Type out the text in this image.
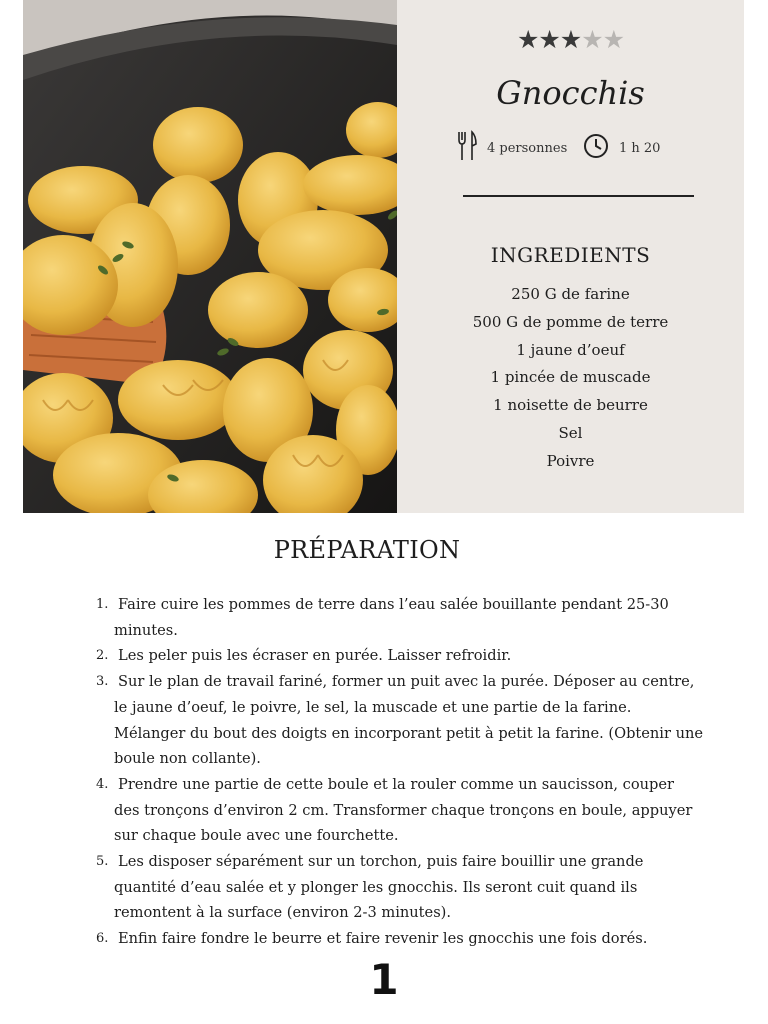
★★★★★
Gnocchis
4 personnes	1 h 20
INGREDIENTS
250 G de farine
500 G de pomme de terre
1 jaune d’oeuf
1 pincée de muscade
1 noisette de beurre
Sel
Poivre
PRÉPARATION
1. Faire cuire les pommes de terre dans l’eau salée bouillante pendant 25-30 minutes.
2. Les peler puis les écraser en purée. Laisser refroidir.
3. Sur le plan de travail fariné, former un puit avec la purée. Déposer au centre, le jaune d’oeuf, le poivre, le sel, la muscade et une partie de la farine. Mélanger du bout des doigts en incorporant petit à petit la farine. (Obtenir une boule non collante).
4. Prendre une partie de cette boule et la rouler comme un saucisson, couper des tronçons d’environ 2 cm. Transformer chaque tronçons en boule, appuyer sur chaque boule avec une fourchette.
5. Les disposer séparément sur un torchon, puis faire bouillir une grande quantité d’eau salée et y plonger les gnocchis. Ils seront cuit quand ils remontent à la surface (environ 2-3 minutes).
6. Enfin faire fondre le beurre et faire revenir les gnocchis une fois dorés.
1
